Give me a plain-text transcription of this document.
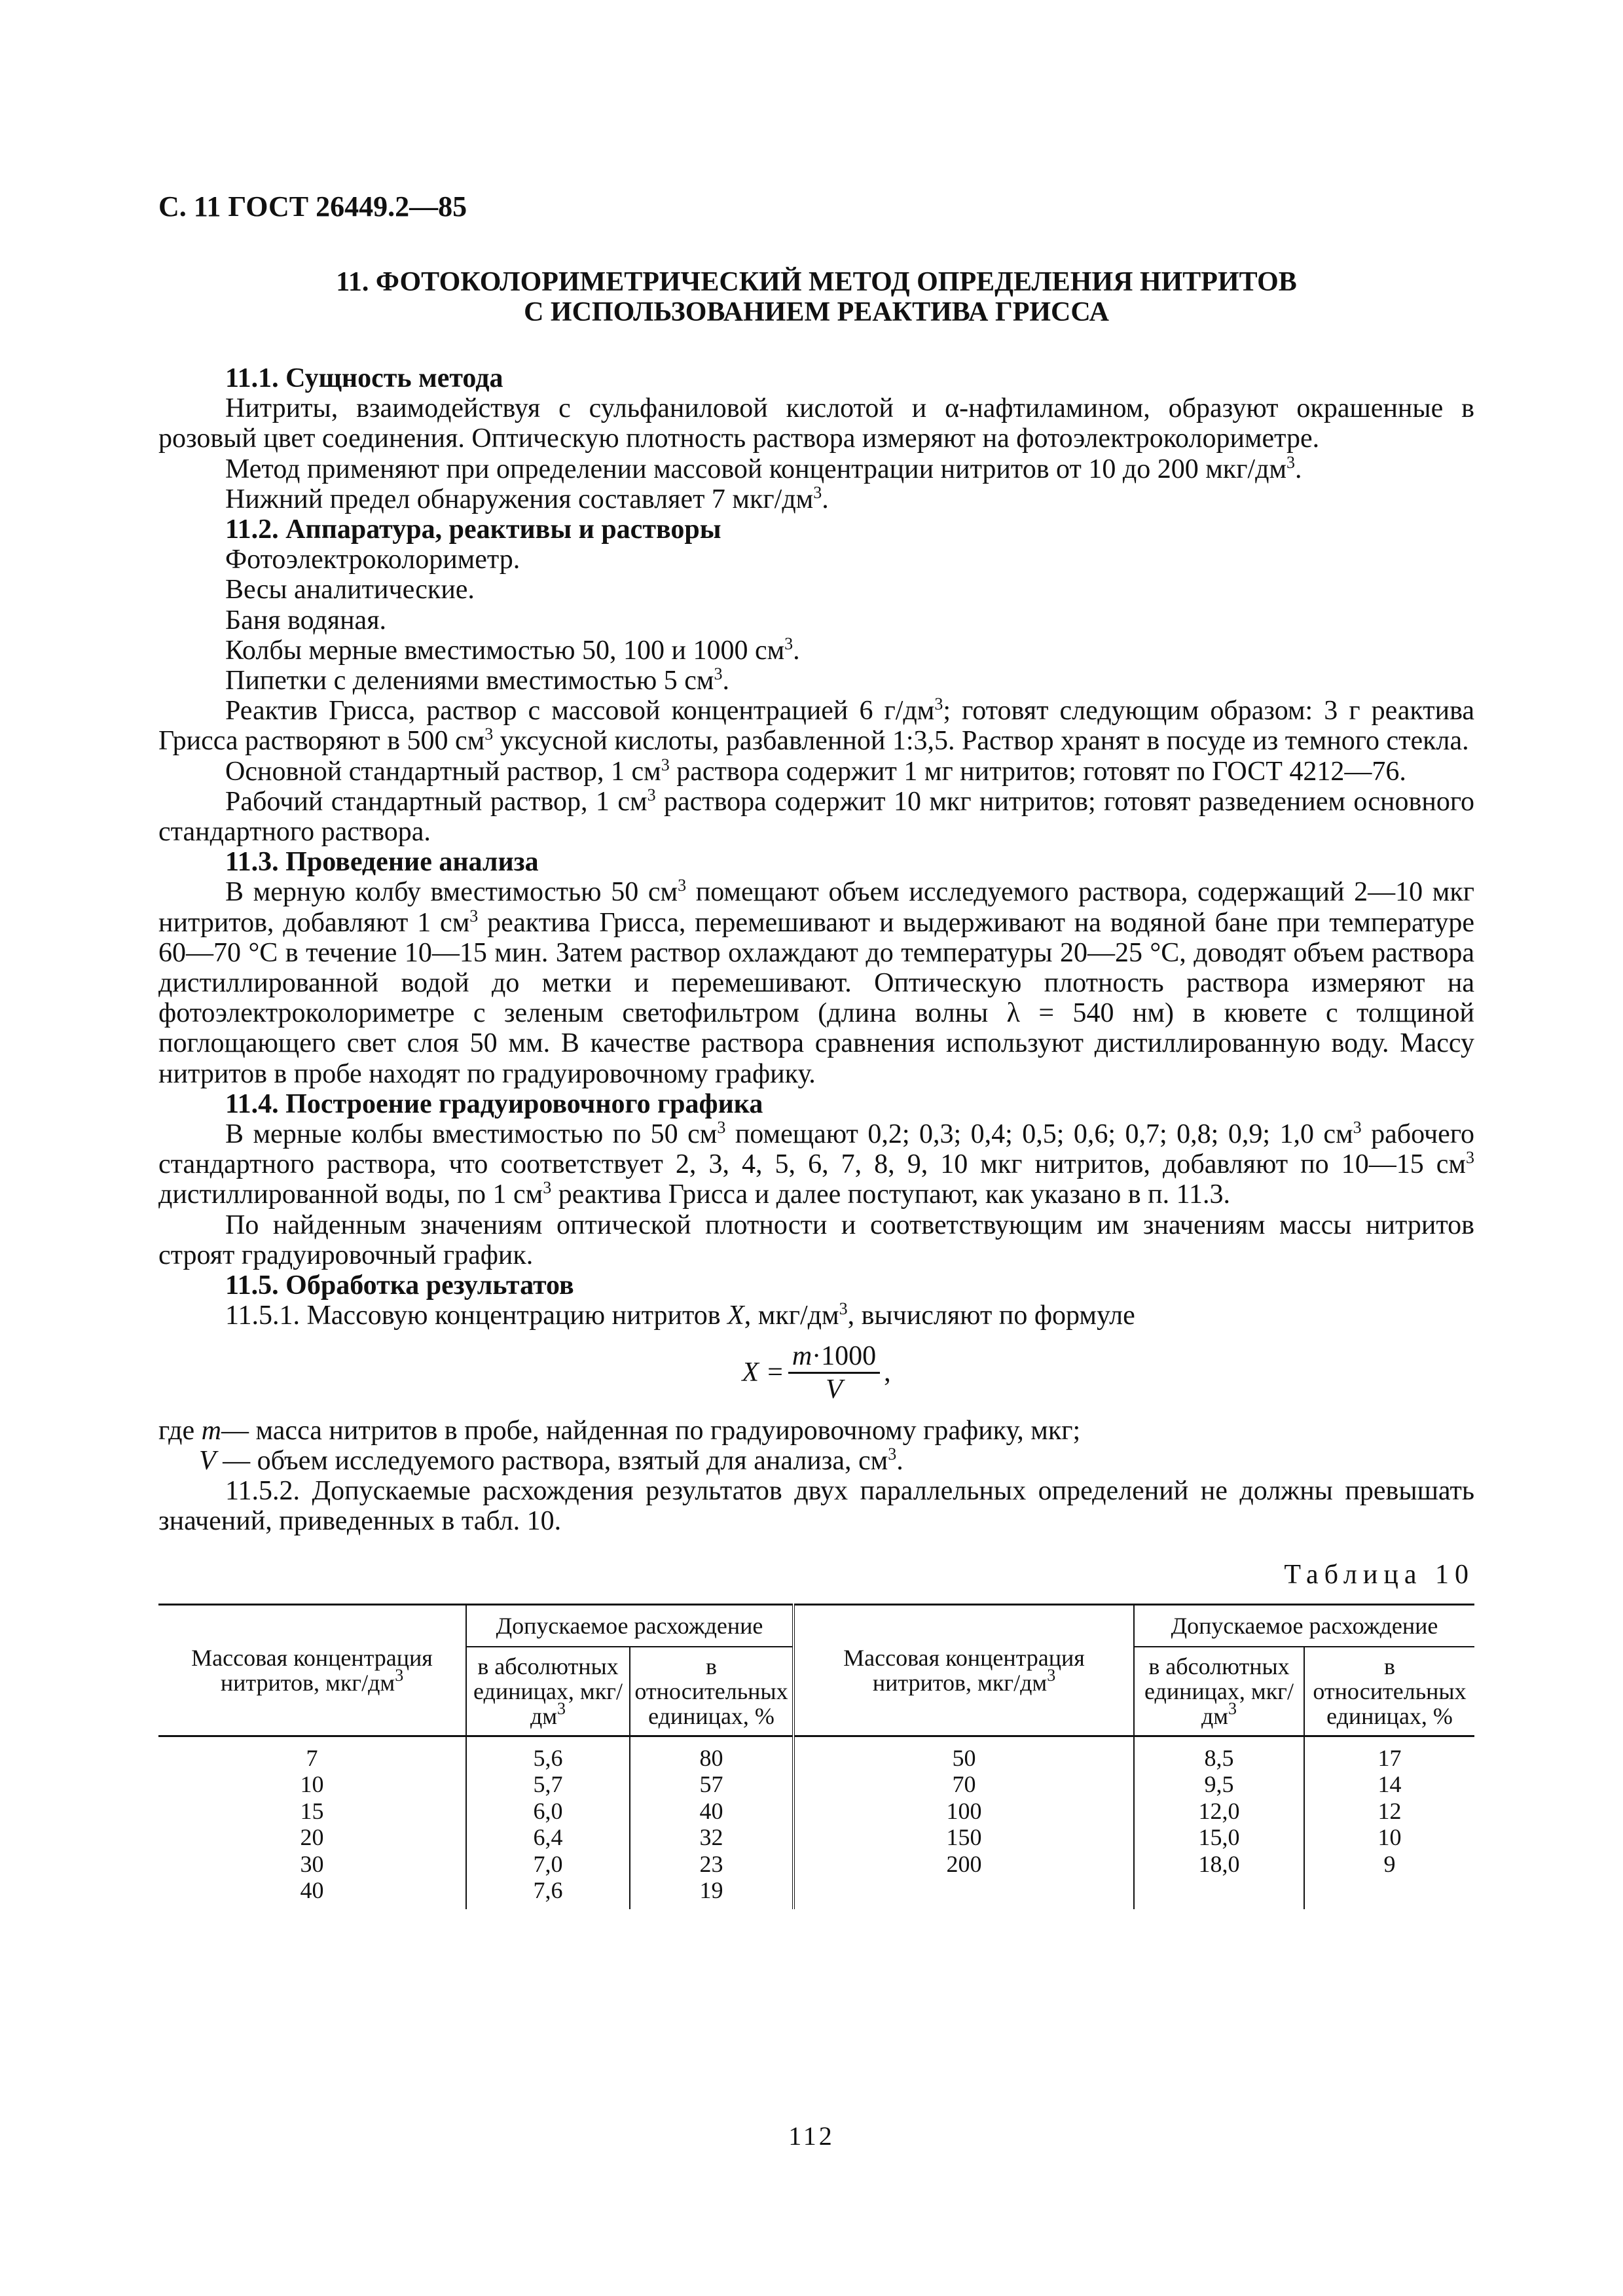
С. 11 ГОСТ 26449.2—85
11. ФОТОКОЛОРИМЕТРИЧЕСКИЙ МЕТОД ОПРЕДЕЛЕНИЯ НИТРИТОВ
С ИСПОЛЬЗОВАНИЕМ РЕАКТИВА ГРИССА
11.1. Сущность метода

Нитриты, взаимодействуя с сульфаниловой кислотой и α-нафтиламином, образуют окрашенные в розовый цвет соединения. Оптическую плотность раствора измеряют на фотоэлектроколориметре.

Метод применяют при определении массовой концентрации нитритов от 10 до 200 мкг/$дм^3$.

Нижний предел обнаружения составляет 7 мкг/$дм^3$.

11.2. Аппаратура, реактивы и растворы

Фотоэлектроколориметр.

Весы аналитические.

Баня водяная.

Колбы мерные вместимостью 50, 100 и 1000 $см^3$.

Пипетки с делениями вместимостью 5 $см^3$.

Реактив Грисса, раствор с массовой концентрацией 6 $г/дм^3$; готовят следующим образом: 3 г реактива Грисса растворяют в 500 $см^3$ уксусной кислоты, разбавленной 1:3,5. Раствор хранят в посуде из темного стекла.

Основной стандартный раствор, 1 $см^3$ раствора содержит 1 мг нитритов; готовят по ГОСТ 4212—76.

Рабочий стандартный раствор, 1 $см^3$ раствора содержит 10 мкг нитритов; готовят разведением основного стандартного раствора.

11.3. Проведение анализа

В мерную колбу вместимостью 50 $см^3$ помещают объем исследуемого раствора, содержащий 2—10 мкг нитритов, добавляют 1 $см^3$ реактива Грисса, перемешивают и выдерживают на водяной бане при температуре 60—70 °С в течение 10—15 мин. Затем раствор охлаждают до температуры 20—25 °С, доводят объем раствора дистиллированной водой до метки и перемешивают. Оптическую плотность раствора измеряют на фотоэлектроколориметре с зеленым светофильтром (длина волны λ = 540 нм) в кювете с толщиной поглощающего свет слоя 50 мм. В качестве раствора сравнения используют дистиллированную воду. Массу нитритов в пробе находят по градуировочному графику.

11.4. Построение градуировочного графика

В мерные колбы вместимостью по 50 $см^3$ помещают 0,2; 0,3; 0,4; 0,5; 0,6; 0,7; 0,8; 0,9; 1,0 $см^3$ рабочего стандартного раствора, что соответствует 2, 3, 4, 5, 6, 7, 8, 9, 10 мкг нитритов, добавляют по 10—15 $см^3$ дистиллированной воды, по 1 $см^3$ реактива Грисса и далее поступают, как указано в п. 11.3.

По найденным значениям оптической плотности и соответствующим им значениям массы нитритов строят градуировочный график.

11.5. Обработка результатов

11.5.1. Массовую концентрацию нитритов X, мкг/$дм^3$, вычисляют по формуле

$X = \frac{m\cdot 1000}{V}$ ,

где
m — масса нитритов в пробе, найденная по градуировочному графику, мкг;

V — объем исследуемого раствора, взятый для анализа, $см^3$.

11.5.2. Допускаемые расхождения результатов двух параллельных определений не должны превышать значений, приведенных в табл. 10.

Таблица 10
Массовая концентрация нитритов, мкг/$дм^3$	Допускаемое расхождение		Массовая концентрация нитритов, мкг/$дм^3$	Допускаемое расхождение	
	в абсолютных единицах, мкг/$дм^3$	в относительных единицах, %		в абсолютных единицах, мкг/$дм^3$	в относительных единицах, %
7	5,6	80	50	8,5	17
10	5,7	57	70	9,5	14
15	6,0	40	100	12,0	12
20	6,4	32	150	15,0	10
30	7,0	23	200	18,0	9
40	7,6	19			
112
